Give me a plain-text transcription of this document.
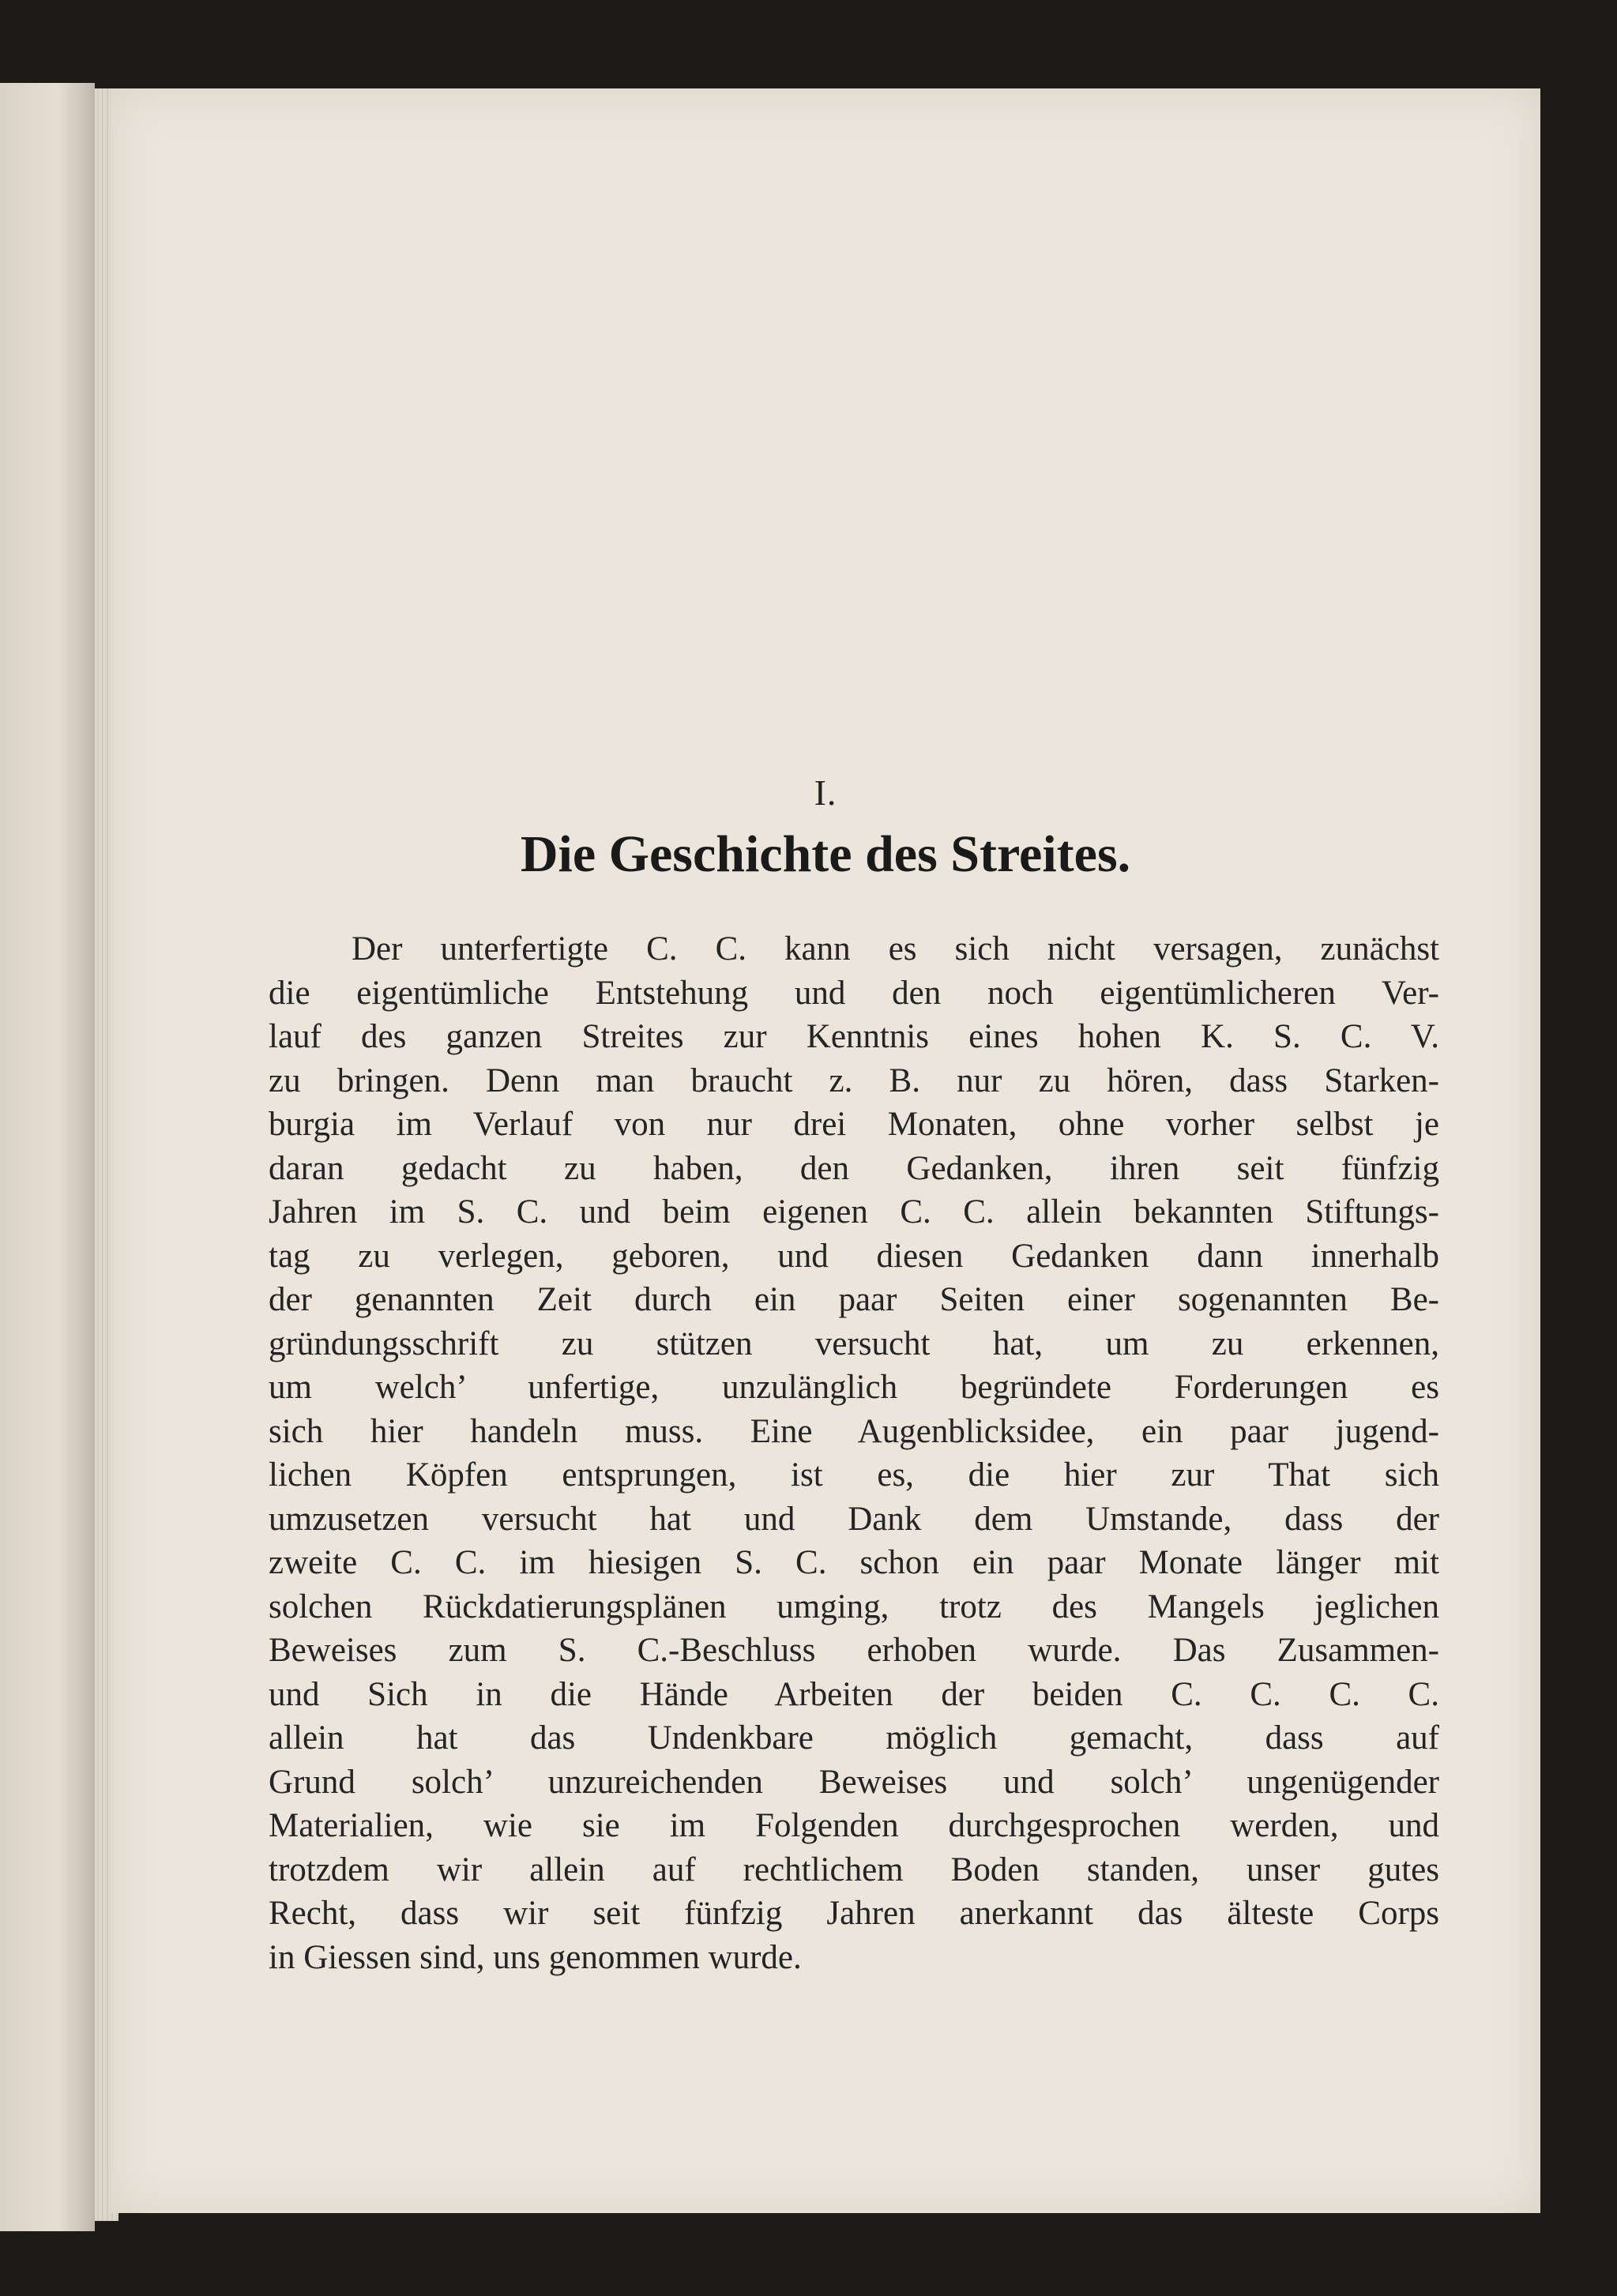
I.
Die Geschichte des Streites.
Der unterfertigte C. C. kann es sich nicht versagen, zunächst
die eigentümliche Entstehung und den noch eigentümlicheren Ver-
lauf des ganzen Streites zur Kenntnis eines hohen K. S. C. V.
zu bringen. Denn man braucht z. B. nur zu hören, dass Starken-
burgia im Verlauf von nur drei Monaten, ohne vorher selbst je
daran gedacht zu haben, den Gedanken, ihren seit fünfzig
Jahren im S. C. und beim eigenen C. C. allein bekannten Stiftungs-
tag zu verlegen, geboren, und diesen Gedanken dann innerhalb
der genannten Zeit durch ein paar Seiten einer sogenannten Be-
gründungsschrift zu stützen versucht hat, um zu erkennen,
um welch’ unfertige, unzulänglich begründete Forderungen es
sich hier handeln muss. Eine Augenblicksidee, ein paar jugend-
lichen Köpfen entsprungen, ist es, die hier zur That sich
umzusetzen versucht hat und Dank dem Umstande, dass der
zweite C. C. im hiesigen S. C. schon ein paar Monate länger mit
solchen Rückdatierungsplänen umging, trotz des Mangels jeglichen
Beweises zum S. C.-Beschluss erhoben wurde. Das Zusammen-
und Sich in die Hände Arbeiten der beiden C. C. C. C.
allein hat das Undenkbare möglich gemacht, dass auf
Grund solch’ unzureichenden Beweises und solch’ ungenügender
Materialien, wie sie im Folgenden durchgesprochen werden, und
trotzdem wir allein auf rechtlichem Boden standen, unser gutes
Recht, dass wir seit fünfzig Jahren anerkannt das älteste Corps
in Giessen sind, uns genommen wurde.
